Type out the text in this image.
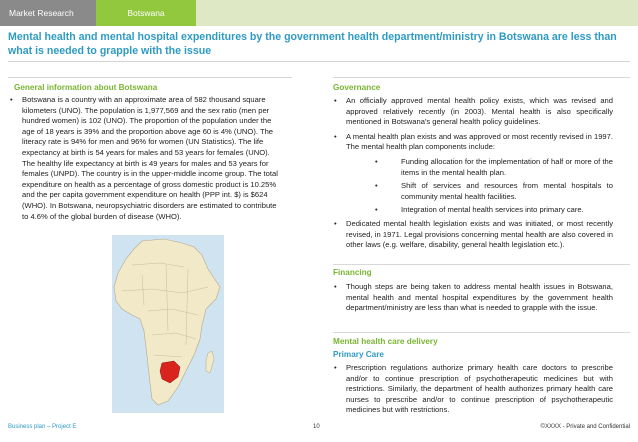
Market Research	Botswana
Mental health and mental hospital expenditures by the government health department/ministry in Botswana are less than what is needed to grapple with the issue
General information about Botswana
•	Botswana is a country with an approximate area of 582 thousand square kilometers (UNO). The population is 1,977,569 and the sex ratio (men per hundred women) is 102 (UNO). The proportion of the population under the age of 18 years is 39% and the proportion above age 60 is 4% (UNO). The literacy rate is 94% for men and 96% for women (UN Statistics). The life expectancy at birth is 54 years for males and 53 years for females (UNO). The healthy life expectancy at birth is 49 years for males and 53 years for females (UNPD). The country is in the upper-middle income group. The total expenditure on health as a percentage of gross domestic product is 10.25% and the per capita government expenditure on health (PPP int. $) is $624 (WHO). In Botswana, neuropsychiatric disorders are estimated to contribute to 4.6% of the global burden of disease (WHO).
Governance
•	An officially approved mental health policy exists, which was revised and approved relatively recently (in 2003). Mental health is also specifically mentioned in Botswana's general health policy guidelines.
•	A mental health plan exists and was approved or most recently revised in 1997. The mental health plan components include:
•	Funding allocation for the implementation of half or more of the items in the mental health plan.
•	Shift of services and resources from mental hospitals to community mental health facilities.
•	Integration of mental health services into primary care.
•	Dedicated mental health legislation exists and was initiated, or most recently revised, in 1971. Legal provisions concerning mental health are also covered in other laws (e.g. welfare, disability, general health legislation etc.).
Financing
•	Though steps are being taken to address mental health issues in Botswana, mental health and mental hospital expenditures by the government health department/ministry are less than what is needed to grapple with the issue.
Mental health care delivery
Primary Care
•	Prescription regulations authorize primary health care doctors to prescribe and/or to continue prescription of psychotherapeutic medicines but with restrictions. Similarly, the department of health authorizes primary health care nurses to prescribe and/or to continue prescription of psychotherapeutic medicines but with restrictions.
Business plan – Project E	10	©XXXX - Private and Confidential
